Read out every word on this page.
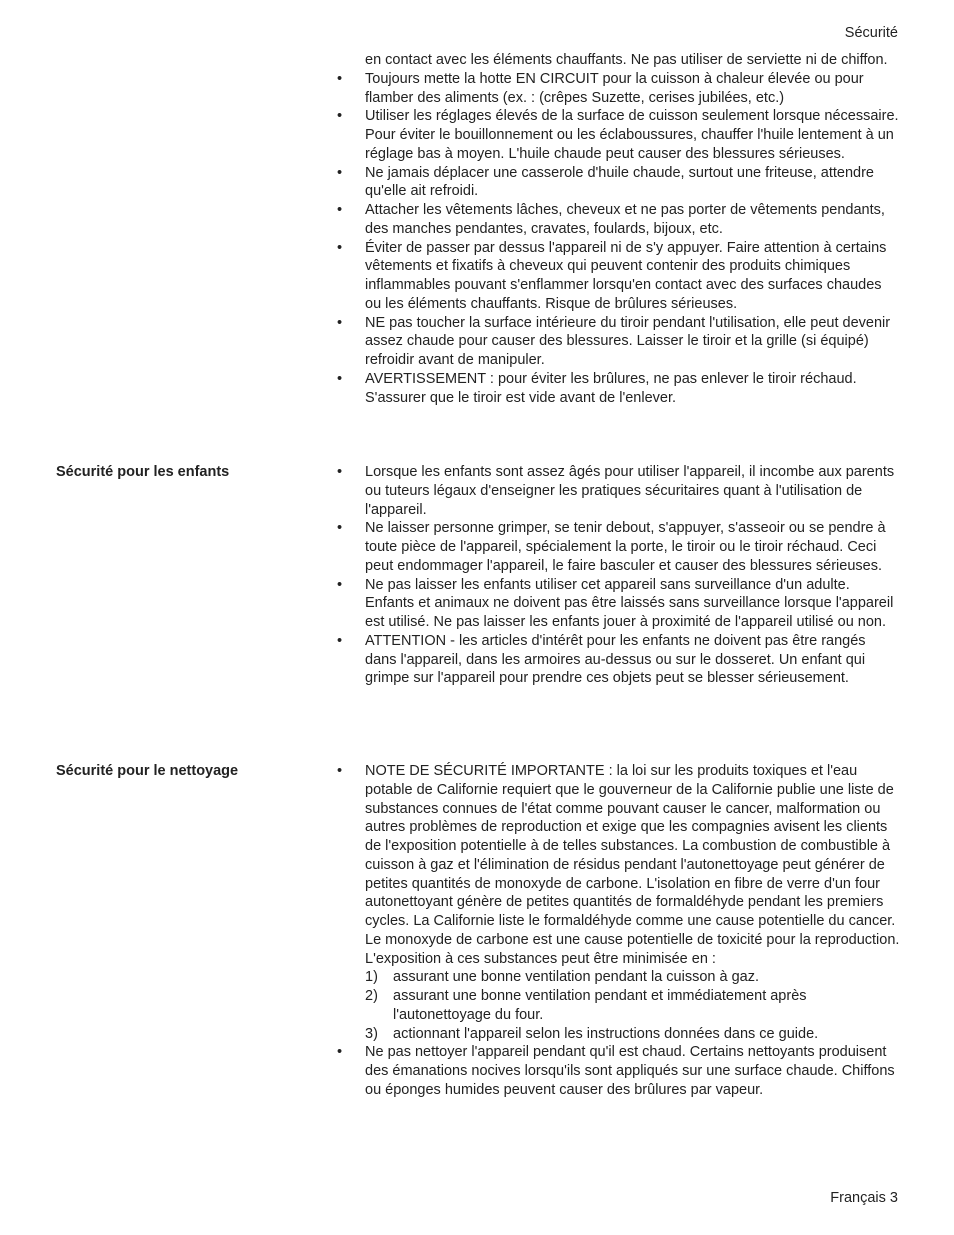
Sécurité

en contact avec les éléments chauffants. Ne pas utiliser de serviette ni de chiffon.

• Toujours mette la hotte EN CIRCUIT pour la cuisson à chaleur élevée ou pour flamber des aliments (ex. : (crêpes Suzette, cerises jubilées, etc.)
• Utiliser les réglages élevés de la surface de cuisson seulement lorsque nécessaire. Pour éviter le bouillonnement ou les éclaboussures, chauffer l'huile lentement à un réglage bas à moyen. L'huile chaude peut causer des blessures sérieuses.
• Ne jamais déplacer une casserole d'huile chaude, surtout une friteuse, attendre qu'elle ait refroidi.
• Attacher les vêtements lâches, cheveux et ne pas porter de vêtements pendants, des manches pendantes, cravates, foulards, bijoux, etc.
• Éviter de passer par dessus l'appareil ni de s'y appuyer. Faire attention à certains vêtements et fixatifs à cheveux qui peuvent contenir des produits chimiques inflammables pouvant s'enflammer lorsqu'en contact avec des surfaces chaudes ou les éléments chauffants. Risque de brûlures sérieuses.
• NE pas toucher la surface intérieure du tiroir pendant l'utilisation, elle peut devenir assez chaude pour causer des blessures. Laisser le tiroir et la grille (si équipé) refroidir avant de manipuler.
• AVERTISSEMENT : pour éviter les brûlures, ne pas enlever le tiroir réchaud. S'assurer que le tiroir est vide avant de l'enlever.
Sécurité pour les enfants	• Lorsque les enfants sont assez âgés pour utiliser l'appareil, il incombe aux parents ou tuteurs légaux d'enseigner les pratiques sécuritaires quant à l'utilisation de l'appareil.
• Ne laisser personne grimper, se tenir debout, s'appuyer, s'asseoir ou se pendre à toute pièce de l'appareil, spécialement la porte, le tiroir ou le tiroir réchaud. Ceci peut endommager l'appareil, le faire basculer et causer des blessures sérieuses.
• Ne pas laisser les enfants utiliser cet appareil sans surveillance d'un adulte. Enfants et animaux ne doivent pas être laissés sans surveillance lorsque l'appareil est utilisé. Ne pas laisser les enfants jouer à proximité de l'appareil utilisé ou non.
• ATTENTION - les articles d'intérêt pour les enfants ne doivent pas être rangés dans l'appareil, dans les armoires au-dessus ou sur le dosseret. Un enfant qui grimpe sur l'appareil pour prendre ces objets peut se blesser sérieusement.
Sécurité pour le nettoyage	• NOTE DE SÉCURITÉ IMPORTANTE : la loi sur les produits toxiques et l'eau potable de Californie requiert que le gouverneur de la Californie publie une liste de substances connues de l'état comme pouvant causer le cancer, malformation ou autres problèmes de reproduction et exige que les compagnies avisent les clients de l'exposition potentielle à de telles substances. La combustion de combustible à cuisson à gaz et l'élimination de résidus pendant l'autonettoyage peut générer de petites quantités de monoxyde de carbone. L'isolation en fibre de verre d'un four autonettoyant génère de petites quantités de formaldéhyde pendant les premiers cycles. La Californie liste le formaldéhyde comme une cause potentielle du cancer. Le monoxyde de carbone est une cause potentielle de toxicité pour la reproduction. L'exposition à ces substances peut être minimisée en :

1) assurant une bonne ventilation pendant la cuisson à gaz.
2) assurant une bonne ventilation pendant et immédiatement après l'autonettoyage du four.
3) actionnant l'appareil selon les instructions données dans ce guide.
• Ne pas nettoyer l'appareil pendant qu'il est chaud. Certains nettoyants produisent des émanations nocives lorsqu'ils sont appliqués sur une surface chaude. Chiffons ou éponges humides peuvent causer des brûlures par vapeur.
Français 3
